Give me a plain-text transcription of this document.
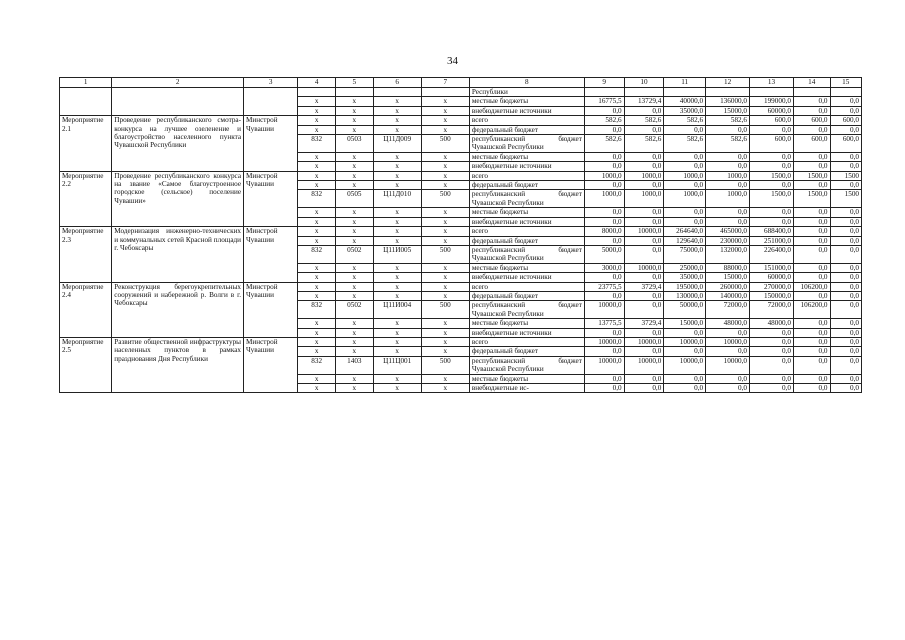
34
1	2	3	4	5	6	7	8	9	10	11	12	13	14	15
							Республики							
			х	х	х	х	местные бюджеты	16775,5	13729,4	40000,0	136000,0	199000,0	0,0	0,0
			х	х	х	х	внебюджетные источники	0,0	0,0	35000,0	15000,0	60000,0	0,0	0,0
Мероприятие 2.1	Проведение республиканского смотра-конкурса на лучшее озеленение и благоустройство населенного пункта Чувашской Республики	Минстрой Чувашии	х	х	х	х	всего	582,6	582,6	582,6	582,6	600,0	600,0	600,0
			х	х	х	х	федеральный бюджет	0,0	0,0	0,0	0,0	0,0	0,0	0,0
			832	0503	Ц11Д009	500	республиканский бюджет Чувашской Республики	582,6	582,6	582,6	582,6	600,0	600,0	600,0
			х	х	х	х	местные бюджеты	0,0	0,0	0,0	0,0	0,0	0,0	0,0
			х	х	х	х	внебюджетные источники	0,0	0,0	0,0	0,0	0,0	0,0	0,0
Мероприятие 2.2	Проведение республиканского конкурса на звание «Самое благоустроенное городское (сельское) поселение Чувашии»	Минстрой Чувашии	х	х	х	х	всего	1000,0	1000,0	1000,0	1000,0	1500,0	1500,0	1500
			х	х	х	х	федеральный бюджет	0,0	0,0	0,0	0,0	0,0	0,0	0,0
			832	0505	Ц11Д010	500	республиканский бюджет Чувашской Республики	1000,0	1000,0	1000,0	1000,0	1500,0	1500,0	1500
			х	х	х	х	местные бюджеты	0,0	0,0	0,0	0,0	0,0	0,0	0,0
			х	х	х	х	внебюджетные источники	0,0	0,0	0,0	0,0	0,0	0,0	0,0
Мероприятие 2.3	Модернизация инженерно-технических и коммунальных сетей Красной площади г. Чебоксары	Минстрой Чувашии	х	х	х	х	всего	8000,0	10000,0	264640,0	465000,0	688400,0	0,0	0,0
			х	х	х	х	федеральный бюджет	0,0	0,0	129640,0	230000,0	251000,0	0,0	0,0
			832	0502	Ц11И005	500	республиканский бюджет Чувашской Республики	5000,0	0,0	75000,0	132000,0	226400,0	0,0	0,0
			х	х	х	х	местные бюджеты	3000,0	10000,0	25000,0	88000,0	151000,0	0,0	0,0
			х	х	х	х	внебюджетные источники	0,0	0,0	35000,0	15000,0	60000,0	0,0	0,0
Мероприятие 2.4	Реконструкция берегоукрепительных сооружений и набережной р. Волги в г. Чебоксары	Минстрой Чувашии	х	х	х	х	всего	23775,5	3729,4	195000,0	260000,0	270000,0	106200,0	0,0
			х	х	х	х	федеральный бюджет	0,0	0,0	130000,0	140000,0	150000,0	0,0	0,0
			832	0502	Ц11И004	500	республиканский бюджет Чувашской Республики	10000,0	0,0	50000,0	72000,0	72000,0	106200,0	0,0
			х	х	х	х	местные бюджеты	13775,5	3729,4	15000,0	48000,0	48000,0	0,0	0,0
			х	х	х	х	внебюджетные источники	0,0	0,0	0,0	0,0	0,0	0,0	0,0
Мероприятие 2.5	Развитие общественной инфраструктуры населенных пунктов в рамках празднования Дня Республики	Минстрой Чувашии	х	х	х	х	всего	10000,0	10000,0	10000,0	10000,0	0,0	0,0	0,0
			х	х	х	х	федеральный бюджет	0,0	0,0	0,0	0,0	0,0	0,0	0,0
			832	1403	Ц11Ц001	500	республиканский бюджет Чувашской Республики	10000,0	10000,0	10000,0	10000,0	0,0	0,0	0,0
			х	х	х	х	местные бюджеты	0,0	0,0	0,0	0,0	0,0	0,0	0,0
			х	х	х	х	внебюджетные ис-	0,0	0,0	0,0	0,0	0,0	0,0	0,0
